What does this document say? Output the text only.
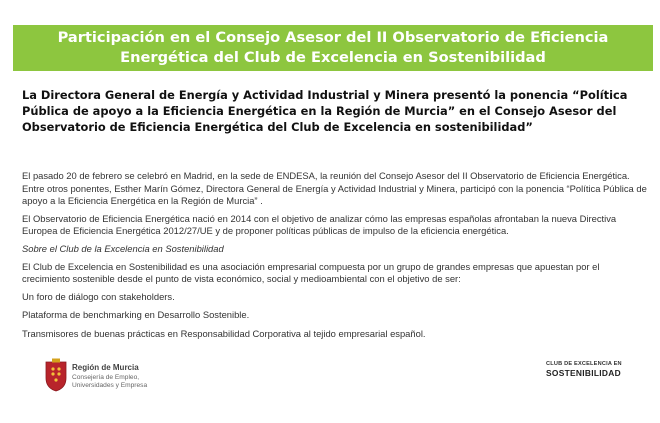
Participación en el Consejo Asesor del II Observatorio de Eficiencia
Energética del Club de Excelencia en Sostenibilidad
La Directora General de Energía y Actividad Industrial y Minera presentó la ponencia “Política Pública de apoyo a la Eficiencia Energética en la Región de Murcia” en el Consejo Asesor del Observatorio de Eficiencia Energética del Club de Excelencia en sostenibilidad”

El pasado 20 de febrero se celebró en Madrid, en la sede de ENDESA, la reunión del Consejo Asesor del II Observatorio de Eficiencia Energética. Entre otros ponentes, Esther Marín Gómez, Directora General de Energía y Actividad Industrial y Minera, participó con la ponencia “Política Pública de apoyo a la Eficiencia Energética en la Región de Murcia” .

El Observatorio de Eficiencia Energética nació en 2014 con el objetivo de analizar cómo las empresas españolas afrontaban la nueva Directiva Europea de Eficiencia Energética 2012/27/UE y de proponer políticas públicas de impulso de la eficiencia energética.

Sobre el Club de la Excelencia en Sostenibilidad

El Club de Excelencia en Sostenibilidad es una asociación empresarial compuesta por un grupo de grandes empresas que apuestan por el crecimiento sostenible desde el punto de vista económico, social y medioambiental con el objetivo de ser:

Un foro de diálogo con stakeholders.

Plataforma de benchmarking en Desarrollo Sostenible.

Transmisores de buenas prácticas en Responsabilidad Corporativa al tejido empresarial español.

Región de Murcia
Consejería de Empleo,
Universidades y Empresa
CLUB DE EXCELENCIA EN
SOSTENIBILIDAD
